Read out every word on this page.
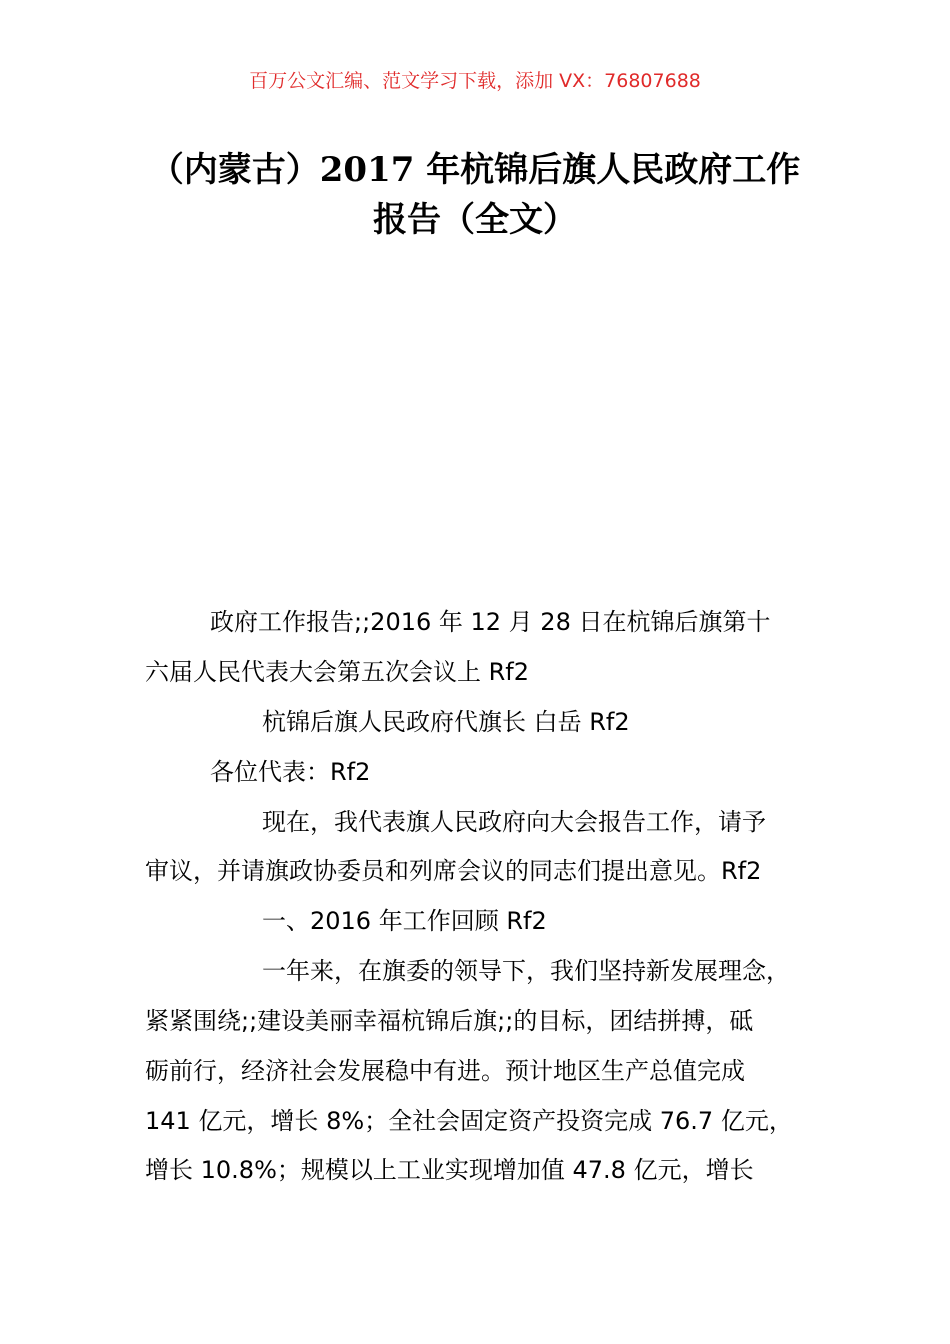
百万公文汇编、范文学习下载，添加 VX：76807688
（内蒙古）2017 年杭锦后旗人民政府工作
报告（全文）
政府工作报告;;2016 年 12 月 28 日在杭锦后旗第十
六届人民代表大会第五次会议上 Rf2
杭锦后旗人民政府代旗长 白岳 Rf2
各位代表：Rf2
现在，我代表旗人民政府向大会报告工作，请予
审议，并请旗政协委员和列席会议的同志们提出意见。Rf2
一、2016 年工作回顾 Rf2
一年来，在旗委的领导下，我们坚持新发展理念，
紧紧围绕;;建设美丽幸福杭锦后旗;;的目标，团结拼搏，砥
砺前行，经济社会发展稳中有进。预计地区生产总值完成
141 亿元，增长 8%；全社会固定资产投资完成 76.7 亿元，
增长 10.8%；规模以上工业实现增加值 47.8 亿元，增长
